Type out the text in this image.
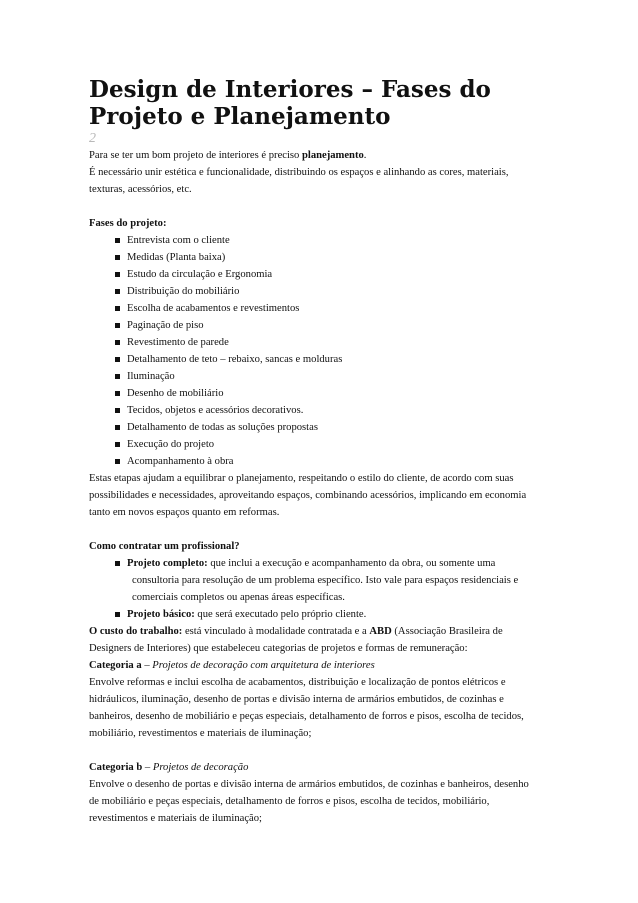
Design de Interiores – Fases do
Projeto e Planejamento
2

Para se ter um bom projeto de interiores é preciso planejamento.

É necessário unir estética e funcionalidade, distribuindo os espaços e alinhando as cores, materiais,

texturas, acessórios, etc.

Fases do projeto:

Entrevista com o cliente
Medidas (Planta baixa)
Estudo da circulação e Ergonomia
Distribuição do mobiliário
Escolha de acabamentos e revestimentos
Paginação de piso
Revestimento de parede
Detalhamento de teto – rebaixo, sancas e molduras
Iluminação
Desenho de mobiliário
Tecidos, objetos e acessórios decorativos.
Detalhamento de todas as soluções propostas
Execução do projeto
Acompanhamento à obra

Estas etapas ajudam a equilibrar o planejamento, respeitando o estilo do cliente, de acordo com suas

possibilidades e necessidades, aproveitando espaços, combinando acessórios, implicando em economia

tanto em novos espaços quanto em reformas.

Como contratar um profissional?

Projeto completo: que inclui a execução e acompanhamento da obra, ou somente uma

consultoria para resolução de um problema específico. Isto vale para espaços residenciais e
comerciais completos ou apenas áreas específicas.
Projeto básico: que será executado pelo próprio cliente.

O custo do trabalho: está vinculado à modalidade contratada e a ABD (Associação Brasileira de

Designers de Interiores) que estabeleceu categorias de projetos e formas de remuneração:

Categoria a – Projetos de decoração com arquitetura de interiores

Envolve reformas e inclui escolha de acabamentos, distribuição e localização de pontos elétricos e

hidráulicos, iluminação, desenho de portas e divisão interna de armários embutidos, de cozinhas e

banheiros, desenho de mobiliário e peças especiais, detalhamento de forros e pisos, escolha de tecidos,

mobiliário, revestimentos e materiais de iluminação;

Categoria b – Projetos de decoração

Envolve o desenho de portas e divisão interna de armários embutidos, de cozinhas e banheiros, desenho

de mobiliário e peças especiais, detalhamento de forros e pisos, escolha de tecidos, mobiliário,

revestimentos e materiais de iluminação;
